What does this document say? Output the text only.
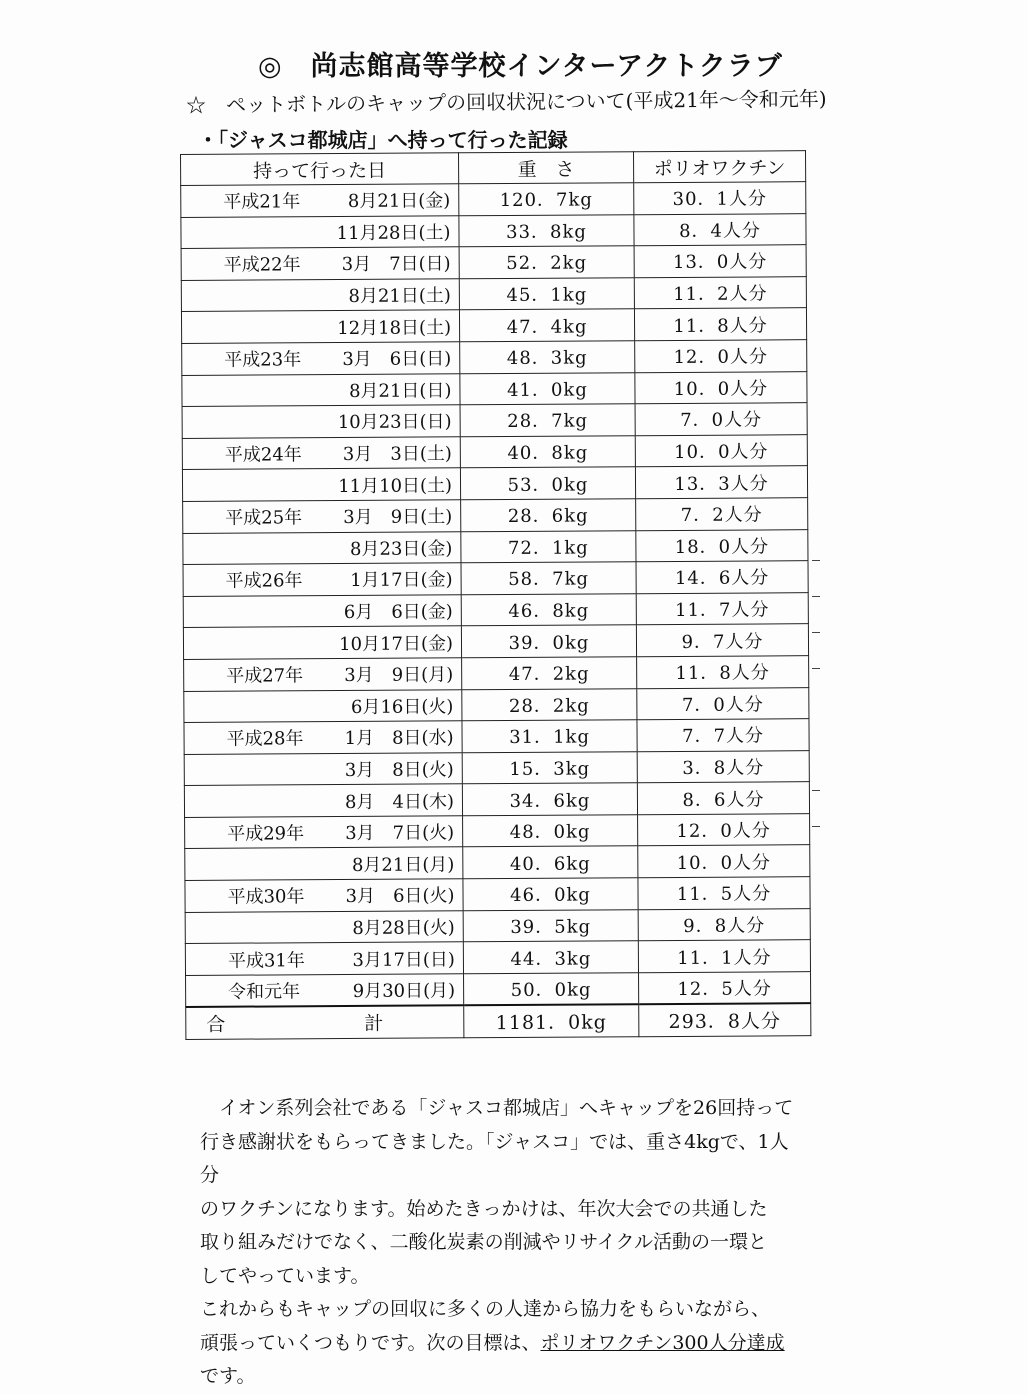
◎　尚志館高等学校インターアクトクラブ
☆　ペットボトルのキャップの回収状況について(平成21年～令和元年)
・「ジャスコ都城店」へ持って行った記録
持って行った日	重　さ	ポリオワクチン

平成21年 8月21日(金)	120．7kg	30．1人分
11月28日(土)	33．8kg	8．4人分

平成22年 3月　7日(日)	52．2kg	13．0人分
8月21日(土)	45．1kg	11．2人分
12月18日(土)	47．4kg	11．8人分

平成23年 3月　6日(日)	48．3kg	12．0人分
8月21日(日)	41．0kg	10．0人分
10月23日(日)	28．7kg	7．0人分

平成24年 3月　3日(土)	40．8kg	10．0人分
11月10日(土)	53．0kg	13．3人分

平成25年 3月　9日(土)	28．6kg	7．2人分
8月23日(金)	72．1kg	18．0人分

平成26年 1月17日(金)	58．7kg	14．6人分
6月　6日(金)	46．8kg	11．7人分
10月17日(金)	39．0kg	9．7人分

平成27年 3月　9日(月)	47．2kg	11．8人分
6月16日(火)	28．2kg	7．0人分

平成28年 1月　8日(水)	31．1kg	7．7人分
3月　8日(火)	15．3kg	3．8人分
8月　4日(木)	34．6kg	8．6人分

平成29年 3月　7日(火)	48．0kg	12．0人分
8月21日(月)	40．6kg	10．0人分

平成30年 3月　6日(火)	46．0kg	11．5人分
8月28日(火)	39．5kg	9．8人分

平成31年 3月17日(日)	44．3kg	11．1人分

令和元年 9月30日(月)	50．0kg	12．5人分
合　計	1181．0kg	293．8人分

イオン系列会社である「ジャスコ都城店」へキャップを26回持って

行き感謝状をもらってきました。「ジャスコ」では、重さ4kgで、1人分

のワクチンになります。始めたきっかけは、年次大会での共通した

取り組みだけでなく、二酸化炭素の削減やリサイクル活動の一環と

してやっています。

これからもキャップの回収に多くの人達から協力をもらいながら、

頑張っていくつもりです。次の目標は、ポリオワクチン300人分達成

です。
